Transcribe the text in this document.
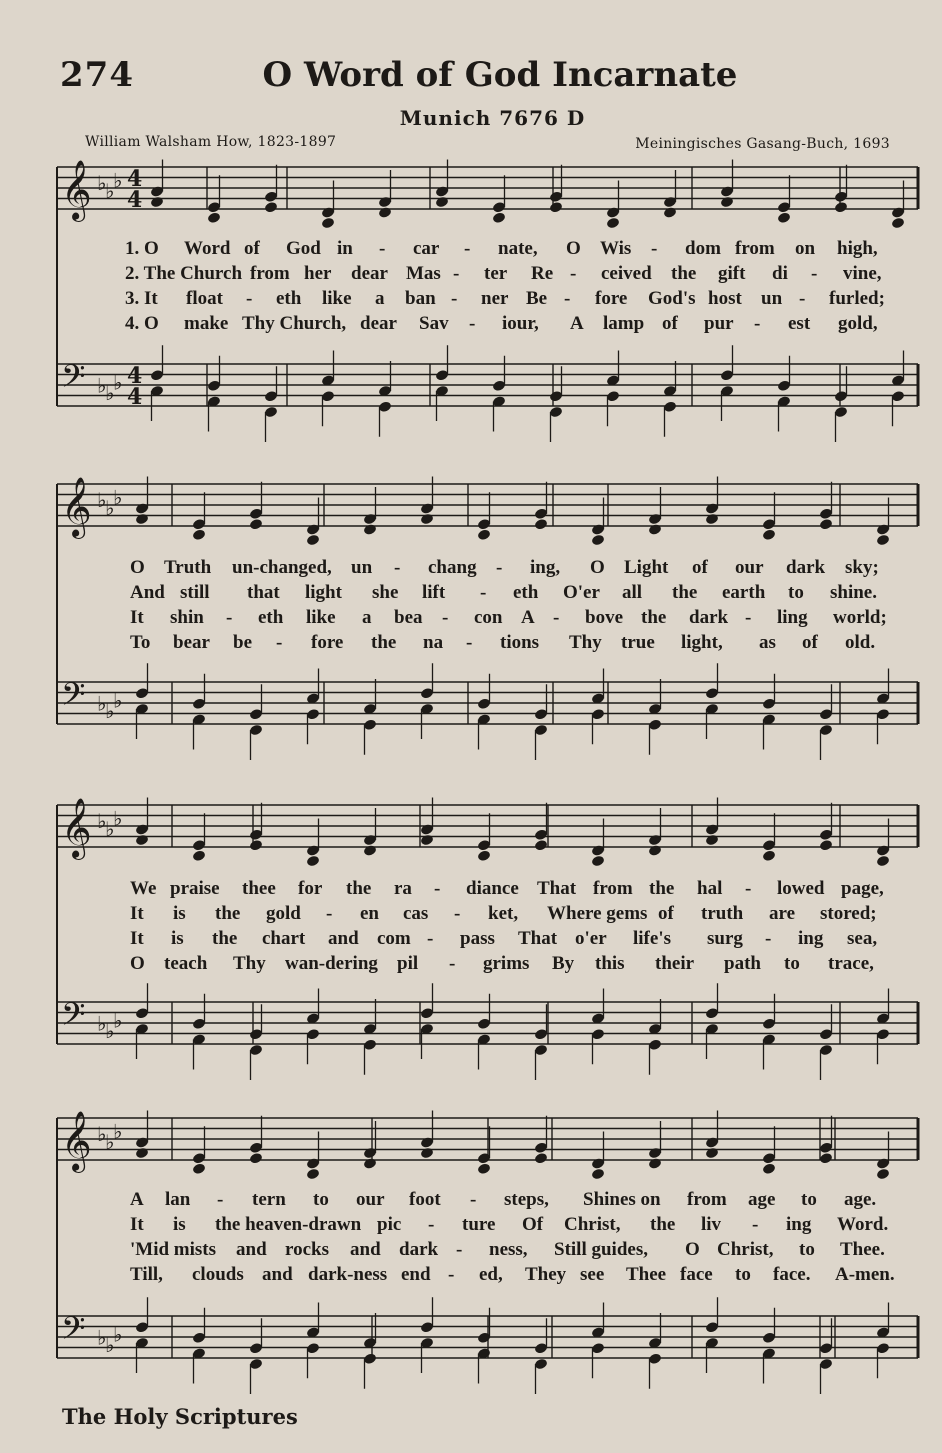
274	O Word of God Incarnate
Munich 7676 D
William Walsham How, 1823-1897	Meiningisches Gasang-Buch, 1693
𝄞 ♭
♭
♭ 4
4
𝄢 ♭
♭
♭ 4
4
1. O Word of God in - car - nate, O Wis - dom from on high,
2. The Church from her dear Mas - ter Re - ceived the gift di - vine,
3. It float - eth like a ban - ner Be - fore God's host un - furled;
4. O make Thy Church, dear Sav - iour, A lamp of pur - est gold,
𝄞 ♭
♭
♭
𝄢 ♭
♭
♭
O Truth un-changed, un - chang - ing, O Light of our dark sky;
And still that light she lift - eth O'er all the earth to shine.
It shin - eth like a bea - con A - bove the dark - ling world;
To bear be - fore the na - tions Thy true light, as of old.
𝄞 ♭
♭
♭
𝄢 ♭
♭
♭
We praise thee for the ra - diance That from the hal - lowed page,
It is the gold - en cas - ket, Where gems of truth are stored;
It is the chart and com - pass That o'er life's surg - ing sea,
O teach Thy wan-dering pil - grims By this their path to trace,
𝄞 ♭
♭
♭
𝄢 ♭
♭
♭
A lan - tern to our foot - steps, Shines on from age to age.
It is the heaven-drawn pic - ture Of Christ, the liv - ing Word.
'Mid mists and rocks and dark - ness, Still guides, O Christ, to Thee.
Till, clouds and dark-ness end - ed, They see Thee face to face. A-men.
The Holy Scriptures
